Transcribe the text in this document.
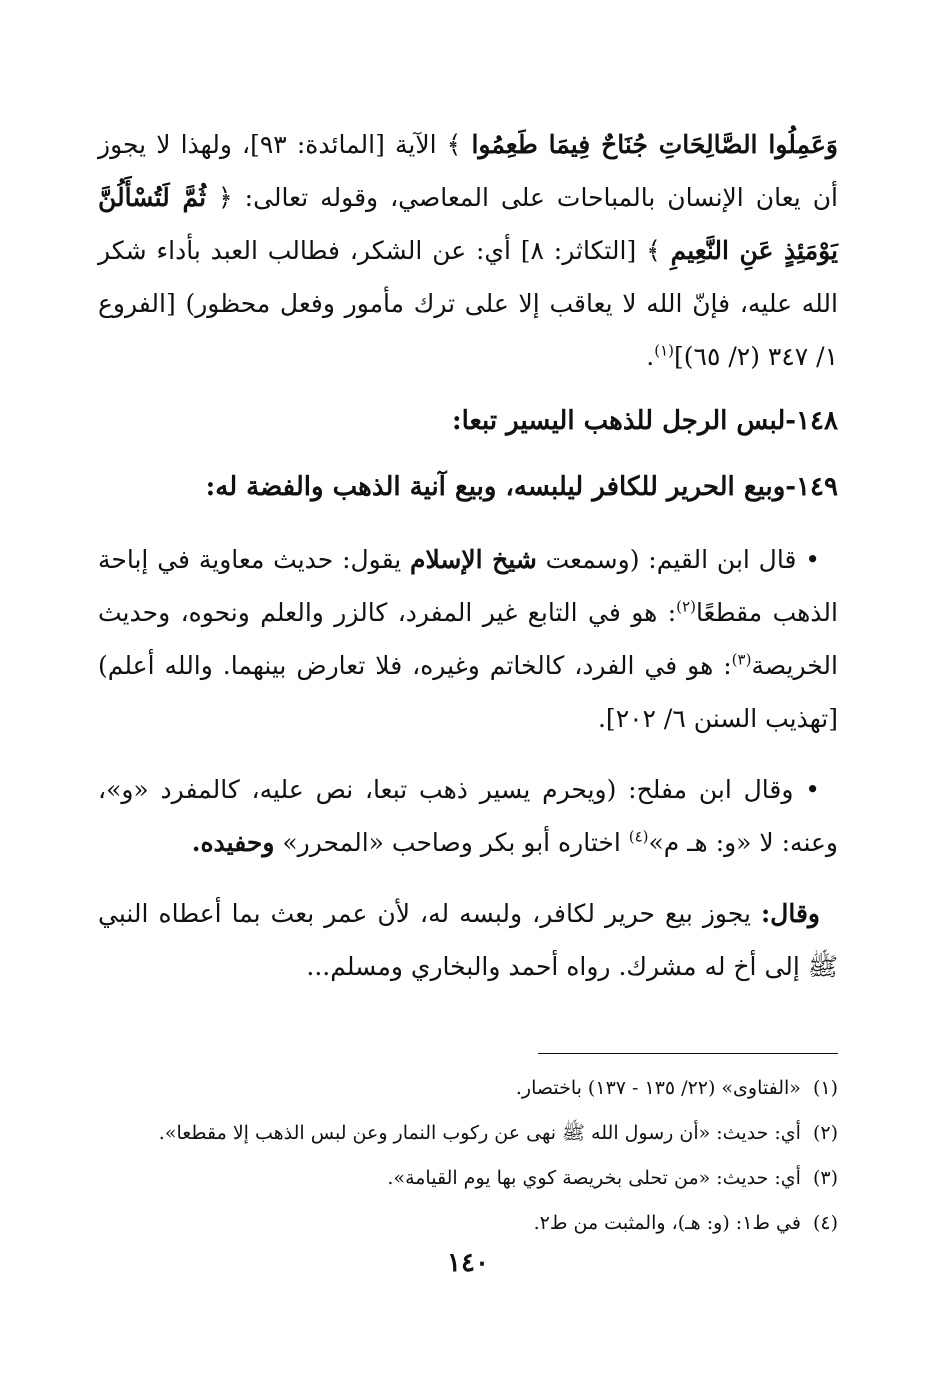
وَعَمِلُوا الصَّالِحَاتِ جُنَاحٌ فِيمَا طَعِمُوا ﴾ الآية [المائدة: ٩٣]، ولهذا لا يجوز أن يعان الإنسان بالمباحات على المعاصي، وقوله تعالى: ﴿ ثُمَّ لَتُسْأَلُنَّ يَوْمَئِذٍ عَنِ النَّعِيمِ ﴾ [التكاثر: ٨] أي: عن الشكر، فطالب العبد بأداء شكر الله عليه، فإنّ الله لا يعاقب إلا على ترك مأمور وفعل محظور) [الفروع ١/ ٣٤٧ (٢/ ٦٥)]$^{(١)}$.

١٤٨-لبس الرجل للذهب اليسير تبعا:

١٤٩-وبيع الحرير للكافر ليلبسه، وبيع آنية الذهب والفضة له:

• قال ابن القيم: (وسمعت شيخ الإسلام يقول: حديث معاوية في إباحة الذهب مقطعًا$^{(٢)}$: هو في التابع غير المفرد، كالزر والعلم ونحوه، وحديث الخريصة$^{(٣)}$: هو في الفرد، كالخاتم وغيره، فلا تعارض بينهما. والله أعلم) [تهذيب السنن ٦/ ٢٠٢].

• وقال ابن مفلح: (ويحرم يسير ذهب تبعا، نص عليه، كالمفرد «و»، وعنه: لا «و: هـ م»$^{(٤)}$ اختاره أبو بكر وصاحب «المحرر» وحفيده.

وقال: يجوز بيع حرير لكافر، ولبسه له، لأن عمر بعث بما أعطاه النبي ﷺ إلى أخ له مشرك. رواه أحمد والبخاري ومسلم...

(١)«الفتاوى» (٢٢/ ١٣٥ - ١٣٧) باختصار.

(٢)أي: حديث: «أن رسول الله ﷺ نهى عن ركوب النمار وعن لبس الذهب إلا مقطعا».

(٣)أي: حديث: «من تحلى بخريصة كوي بها يوم القيامة».

(٤)في ط١: (و: هـ)، والمثبت من ط٢.

١٤٠
